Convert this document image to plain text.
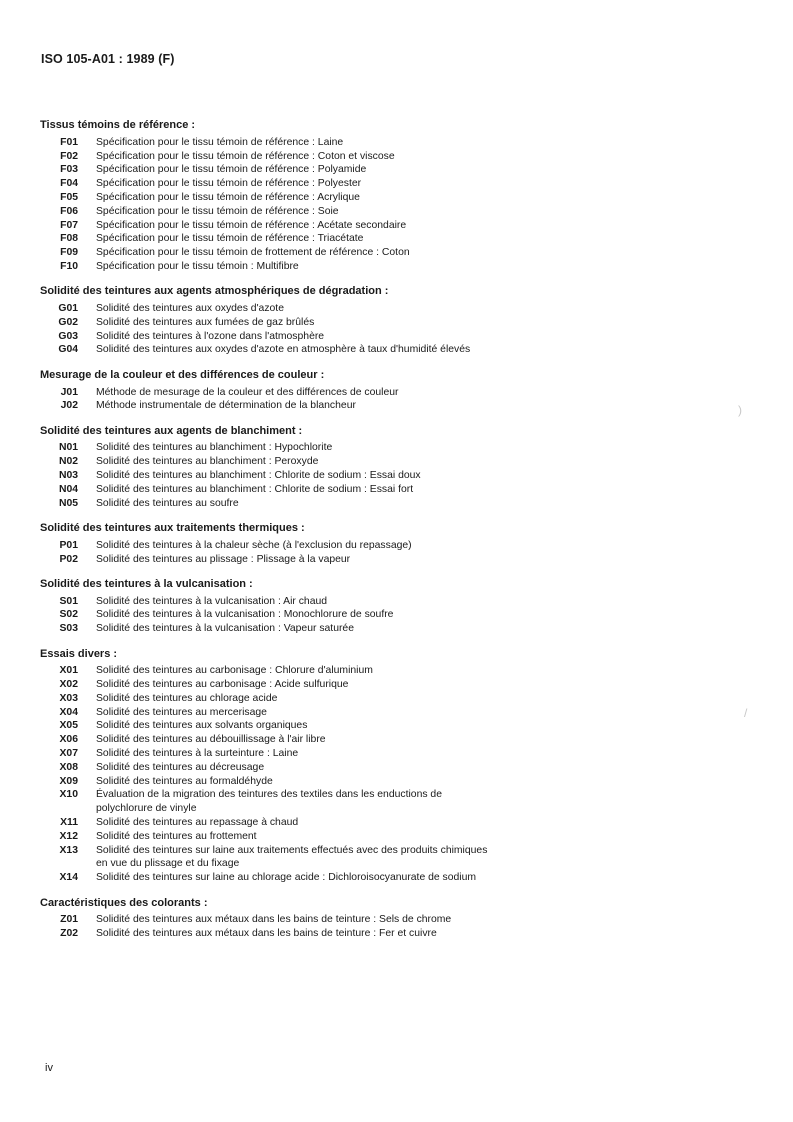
ISO 105-A01 : 1989 (F)
Tissus témoins de référence :
F01	Spécification pour le tissu témoin de référence : Laine
F02	Spécification pour le tissu témoin de référence : Coton et viscose
F03	Spécification pour le tissu témoin de référence : Polyamide
F04	Spécification pour le tissu témoin de référence : Polyester
F05	Spécification pour le tissu témoin de référence : Acrylique
F06	Spécification pour le tissu témoin de référence : Soie
F07	Spécification pour le tissu témoin de référence : Acétate secondaire
F08	Spécification pour le tissu témoin de référence : Triacétate
F09	Spécification pour le tissu témoin de frottement de référence : Coton
F10	Spécification pour le tissu témoin : Multifibre
Solidité des teintures aux agents atmosphériques de dégradation :
G01	Solidité des teintures aux oxydes d'azote
G02	Solidité des teintures aux fumées de gaz brûlés
G03	Solidité des teintures à l'ozone dans l'atmosphère
G04	Solidité des teintures aux oxydes d'azote en atmosphère à taux d'humidité élevés
Mesurage de la couleur et des différences de couleur :
J01	Méthode de mesurage de la couleur et des différences de couleur
J02	Méthode instrumentale de détermination de la blancheur
Solidité des teintures aux agents de blanchiment :
N01	Solidité des teintures au blanchiment : Hypochlorite
N02	Solidité des teintures au blanchiment : Peroxyde
N03	Solidité des teintures au blanchiment : Chlorite de sodium : Essai doux
N04	Solidité des teintures au blanchiment : Chlorite de sodium : Essai fort
N05	Solidité des teintures au soufre
Solidité des teintures aux traitements thermiques :
P01	Solidité des teintures à la chaleur sèche (à l'exclusion du repassage)
P02	Solidité des teintures au plissage : Plissage à la vapeur
Solidité des teintures à la vulcanisation :
S01	Solidité des teintures à la vulcanisation : Air chaud
S02	Solidité des teintures à la vulcanisation : Monochlorure de soufre
S03	Solidité des teintures à la vulcanisation : Vapeur saturée
Essais divers :
X01	Solidité des teintures au carbonisage : Chlorure d'aluminium
X02	Solidité des teintures au carbonisage : Acide sulfurique
X03	Solidité des teintures au chlorage acide
X04	Solidité des teintures au mercerisage
X05	Solidité des teintures aux solvants organiques
X06	Solidité des teintures au débouillissage à l'air libre
X07	Solidité des teintures à la surteinture : Laine
X08	Solidité des teintures au décreusage
X09	Solidité des teintures au formaldéhyde
X10	Évaluation de la migration des teintures des textiles dans les enductions de polychlorure de vinyle
X11	Solidité des teintures au repassage à chaud
X12	Solidité des teintures au frottement
X13	Solidité des teintures sur laine aux traitements effectués avec des produits chimiques en vue du plissage et du fixage
X14	Solidité des teintures sur laine au chlorage acide : Dichloroisocyanurate de sodium
Caractéristiques des colorants :
Z01	Solidité des teintures aux métaux dans les bains de teinture : Sels de chrome
Z02	Solidité des teintures aux métaux dans les bains de teinture : Fer et cuivre
iv
)
/
